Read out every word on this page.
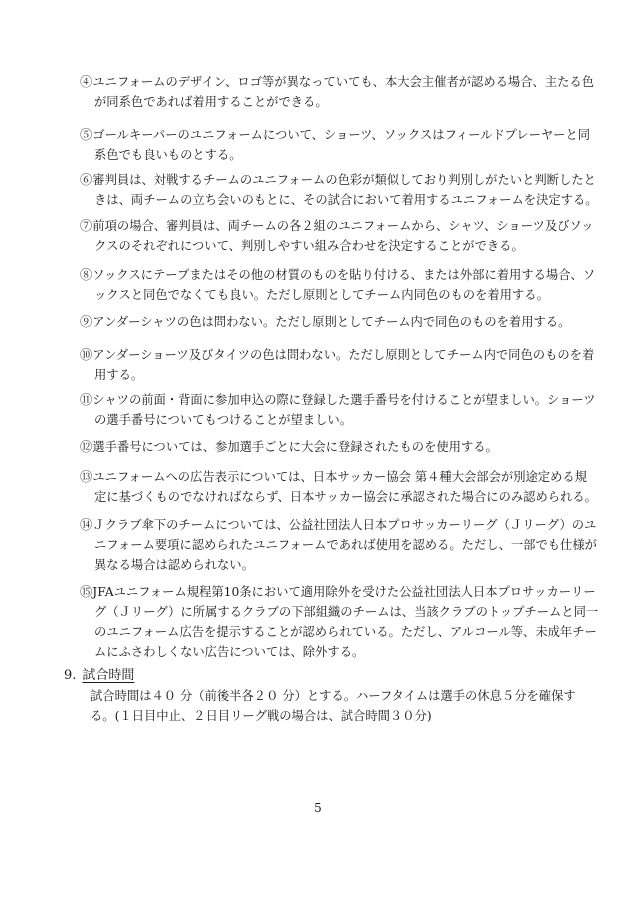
④ユニフォームのデザイン、ロゴ等が異なっていても、本大会主催者が認める場合、主たる色
が同系色であれば着用することができる。
⑤ゴールキーパーのユニフォームについて、ショーツ、ソックスはフィールドプレーヤーと同
系色でも良いものとする。
⑥審判員は、対戦するチームのユニフォームの色彩が類似しており判別しがたいと判断したと
きは、両チームの立ち会いのもとに、その試合において着用するユニフォームを決定する。
⑦前項の場合、審判員は、両チームの各２組のユニフォームから、シャツ、ショーツ及びソッ
クスのそれぞれについて、判別しやすい組み合わせを決定することができる。
⑧ソックスにテープまたはその他の材質のものを貼り付ける、または外部に着用する場合、ソ
ックスと同色でなくても良い。ただし原則としてチーム内同色のものを着用する。
⑨アンダーシャツの色は問わない。ただし原則としてチーム内で同色のものを着用する。
⑩アンダーショーツ及びタイツの色は問わない。ただし原則としてチーム内で同色のものを着
用する。
⑪シャツの前面・背面に参加申込の際に登録した選手番号を付けることが望ましい。ショーツ
の選手番号についてもつけることが望ましい。
⑫選手番号については、参加選手ごとに大会に登録されたものを使用する。
⑬ユニフォームへの広告表示については、日本サッカー協会 第４種大会部会が別途定める規
定に基づくものでなければならず、日本サッカー協会に承認された場合にのみ認められる。
⑭Ｊクラブ傘下のチームについては、公益社団法人日本プロサッカーリーグ（Ｊリーグ）のユ
ニフォーム要項に認められたユニフォームであれば使用を認める。ただし、一部でも仕様が
異なる場合は認められない。
⑮JFAユニフォーム規程第10条において適用除外を受けた公益社団法人日本プロサッカーリー
グ（Ｊリーグ）に所属するクラブの下部組織のチームは、当該クラブのトップチームと同一
のユニフォーム広告を提示することが認められている。ただし、アルコール等、未成年チー
ムにふさわしくない広告については、除外する。
9. 試合時間
試合時間は４０ 分（前後半各２０ 分）とする。ハーフタイムは選手の休息５分を確保す
る。(１日目中止、２日目リーグ戦の場合は、試合時間３０分)
5
